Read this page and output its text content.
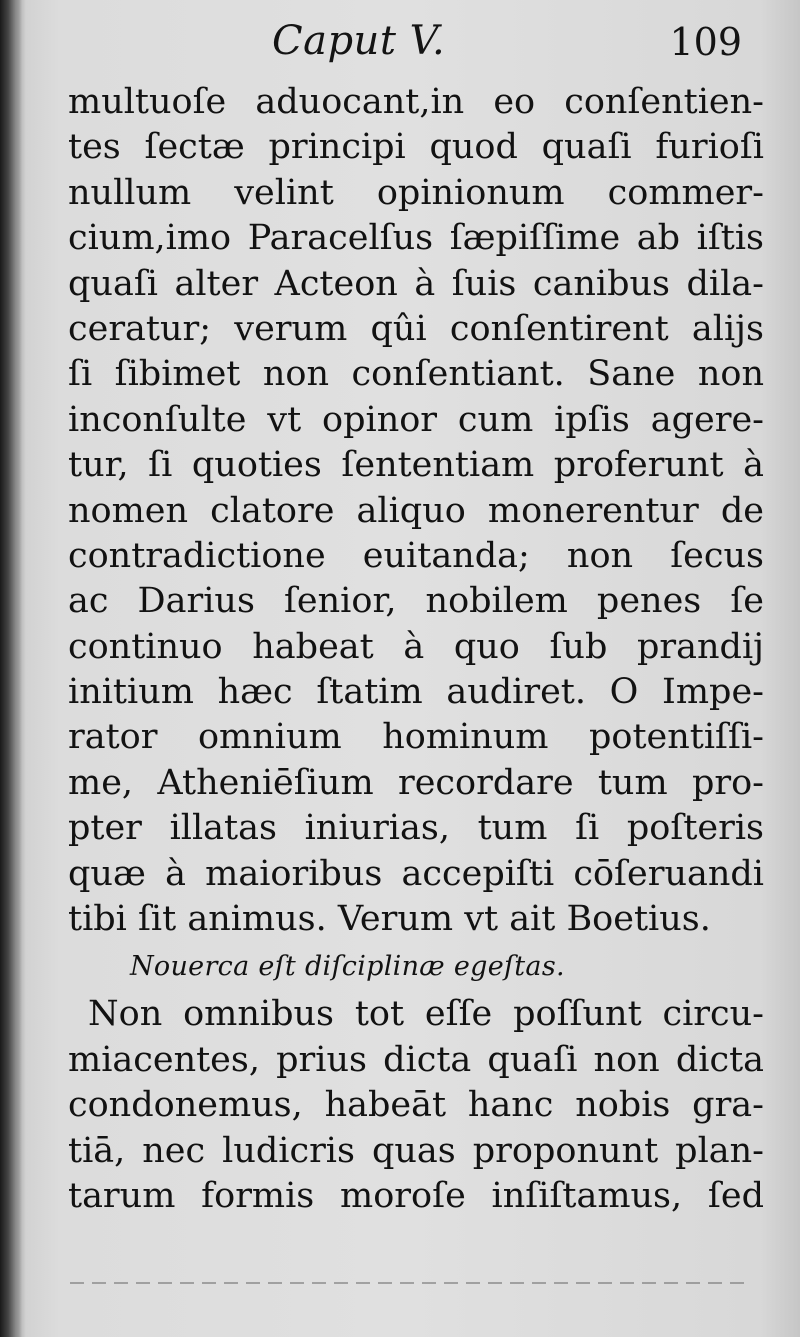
Caput V.	109
multuoſe aduocant,in eo conſentien-
tes ſectæ principi quod quaſi furioſi
nullum velint opinionum commer-
cium,imo Paracelſus ſæpiſſime ab iſtis
quaſi alter Acteon à ſuis canibus dila-
ceratur; verum qûi conſentirent alijs
ſi ſibimet non conſentiant. Sane non
inconſulte vt opinor cum ipſis agere-
tur, ſi quoties ſententiam proferunt à
nomen clatore aliquo monerentur de
contradictione euitanda; non ſecus
ac Darius ſenior, nobilem penes ſe
continuo habeat à quo ſub prandij
initium hæc ſtatim audiret. O Impe-
rator omnium hominum potentiſſi-
me, Atheniēſium recordare tum pro-
pter illatas iniurias, tum ſi poſteris
quæ à maioribus accepiſti cōſeruandi
tibi ſit animus. Verum vt ait Boetius.
Nouerca eſt diſciplinæ egeſtas.
Non omnibus tot eſſe poſſunt circu-
miacentes, prius dicta quaſi non dicta
condonemus, habeāt hanc nobis gra-
tiā, nec ludicris quas proponunt plan-
tarum formis moroſe inſiſtamus, ſed
